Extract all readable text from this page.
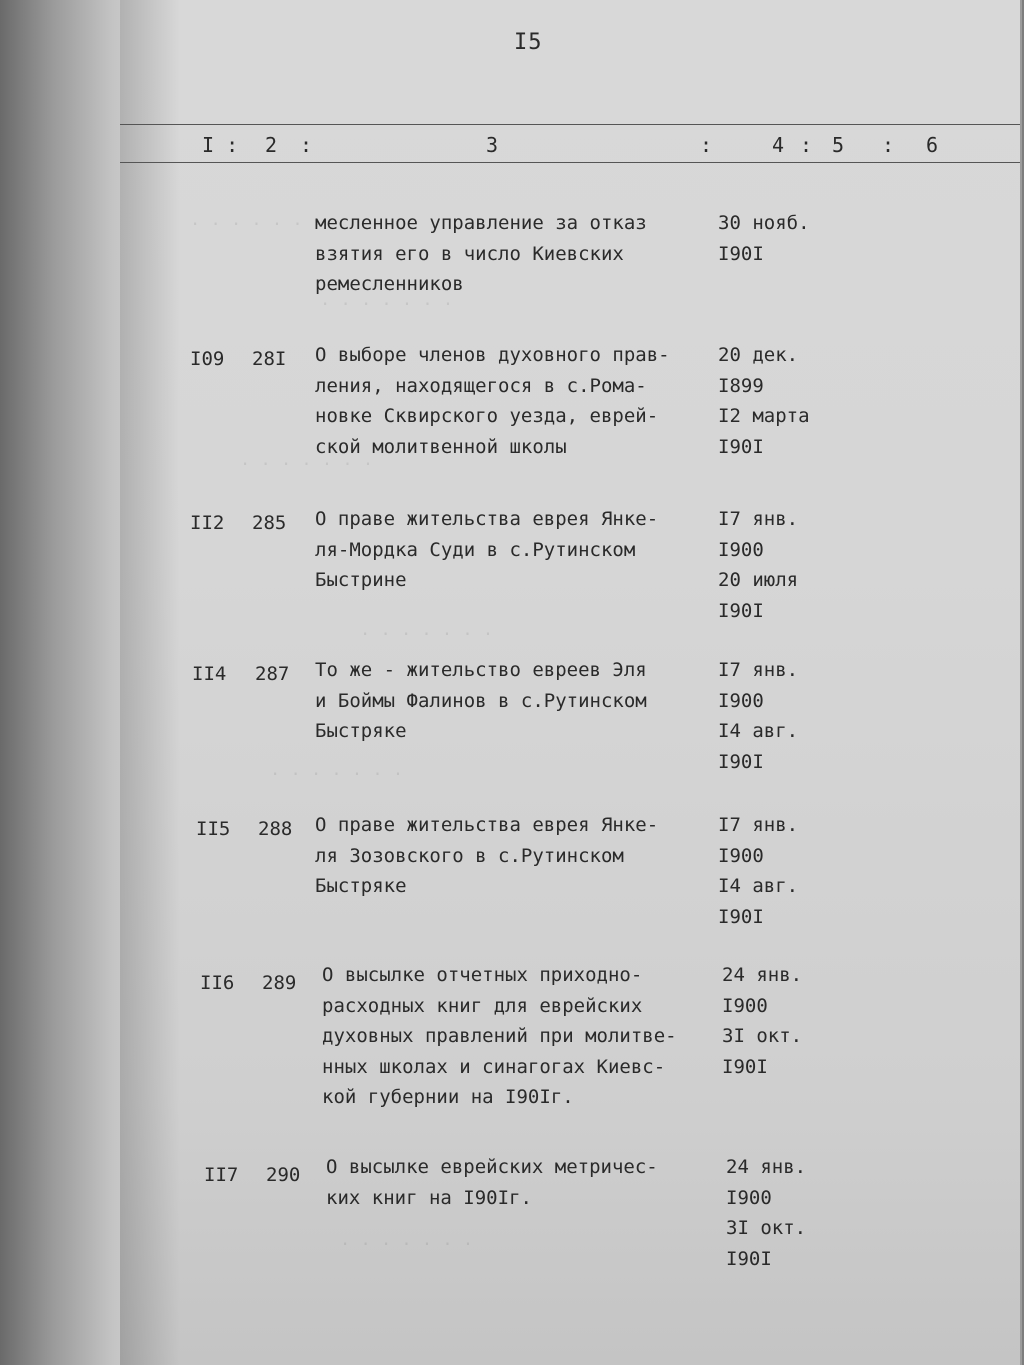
. . . . . . .
. . . . . . .
. . . . . . .
. . . . . . .
. . . . . . .
. . . . . . .
I5
I : 2 :	3	:	4 : 5 : 6
месленное управление за отказ
взятия его в число Киевских
ремесленников
30 нояб.
I90I
I09 28I О выборе членов духовного прав-
ления, находящегося в с.Рома-
новке Сквирского уезда, еврей-
ской молитвенной школы
20 дек.
I899
I2 марта
I90I
II2 285 О праве жительства еврея Янке-
ля-Мордка Суди в с.Рутинском
Быстрине
I7 янв.
I900
20 июля
I90I
II4 287 То же - жительство евреев Эля
и Боймы Фалинов в с.Рутинском
Быстряке
I7 янв.
I900
I4 авг.
I90I
II5 288 О праве жительства еврея Янке-
ля Зозовского в с.Рутинском
Быстряке
I7 янв.
I900
I4 авг.
I90I
II6 289 О высылке отчетных приходно-
расходных книг для еврейских
духовных правлений при молитве-
нных школах и синагогах Киевс-
кой губернии на I90Iг.
24 янв.
I900
3I окт.
I90I
II7 290 О высылке еврейских метричес-
ких книг на I90Iг.
24 янв.
I900
3I окт.
I90I
